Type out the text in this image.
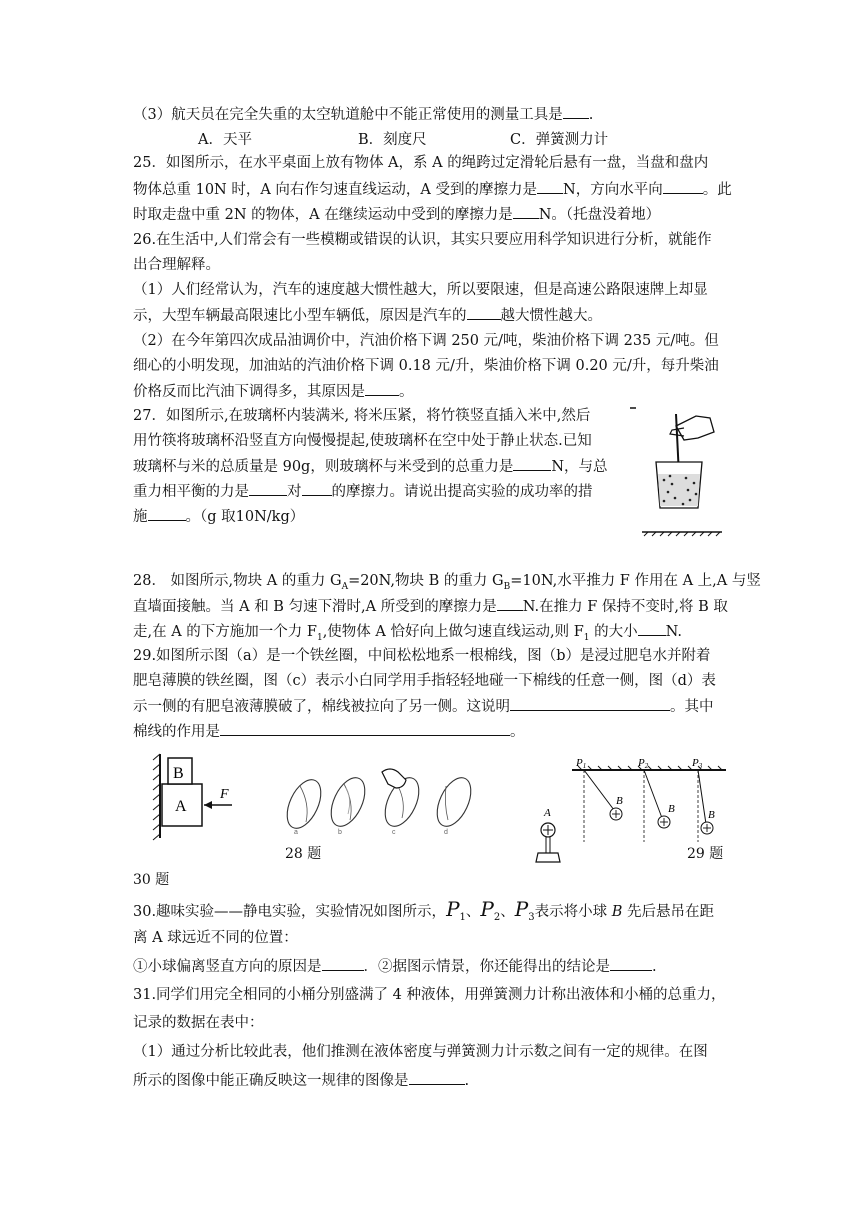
（3）航天员在完全失重的太空轨道舱中不能正常使用的测量工具是 .
A．天平	B．刻度尺	C．弹簧测力计
25．如图所示，在水平桌面上放有物体 A，系 A 的绳跨过定滑轮后悬有一盘，当盘和盘内
物体总重 10N 时，A 向右作匀速直线运动，A 受到的摩擦力是 N，方向水平向	。此
时取走盘中重 2N 的物体，A 在继续运动中受到的摩擦力是 N。（托盘没着地）
26.在生活中,人们常会有一些模糊或错误的认识，其实只要应用科学知识进行分析，就能作
出合理解释。
（1）人们经常认为，汽车的速度越大惯性越大，所以要限速，但是高速公路限速牌上却显
示，大型车辆最高限速比小型车辆低，原因是汽车的 越大惯性越大。
（2）在今年第四次成品油调价中，汽油价格下调 250 元/吨，柴油价格下调 235 元/吨。但
细心的小明发现，加油站的汽油价格下调 0.18 元/升，柴油价格下调 0.20 元/升，每升柴油
价格反而比汽油下调得多，其原因是 。
27．如图所示,在玻璃杯内装满米, 将米压紧，将竹筷竖直插入米中,然后
用竹筷将玻璃杯沿竖直方向慢慢提起,使玻璃杯在空中处于静止状态.已知
玻璃杯与米的总质量是 90g，则玻璃杯与米受到的总重力是	N，与总
重力相平衡的力是	对 的摩擦力。请说出提高实验的成功率的措
施	。（g 取10N/kg）
28． 如图所示,物块 A 的重力 $G_A=20N$,物块 B 的重力 $G_B=10N$,水平推力 F 作用在 A 上,A 与竖
直墙面接触。当 A 和 B 匀速下滑时,A 所受到的摩擦力是 N.在推力 F 保持不变时,将 B 取
走,在 A 的下方施加一个力 $F_1$,使物体 A 恰好向上做匀速直线运动,则 $F_1$ 的大小 N.
29.如图所示图（a）是一个铁丝圈，中间松松地系一根棉线，图（b）是浸过肥皂水并附着
肥皂薄膜的铁丝圈，图（c）表示小白同学用手指轻轻地碰一下棉线的任意一侧，图（d）表
示一侧的有肥皂液薄膜破了，棉线被拉向了另一侧。这说明	。其中
棉线的作用是	。
B
A
F
a	b	c	d
P1	P2	P3
B
B	B
A
28 题	29 题
30 题
30.趣味实验——静电实验，实验情况如图所示，$P_1$、$P_2$、$P_3$表示将小球 B 先后悬吊在距
离 A 球远近不同的位置：
①小球偏离竖直方向的原因是	．②据图示情景，你还能得出的结论是	.
31.同学们用完全相同的小桶分别盛满了 4 种液体，用弹簧测力计称出液体和小桶的总重力，
记录的数据在表中：
（1）通过分析比较此表，他们推测在液体密度与弹簧测力计示数之间有一定的规律。在图
所示的图像中能正确反映这一规律的图像是	.
